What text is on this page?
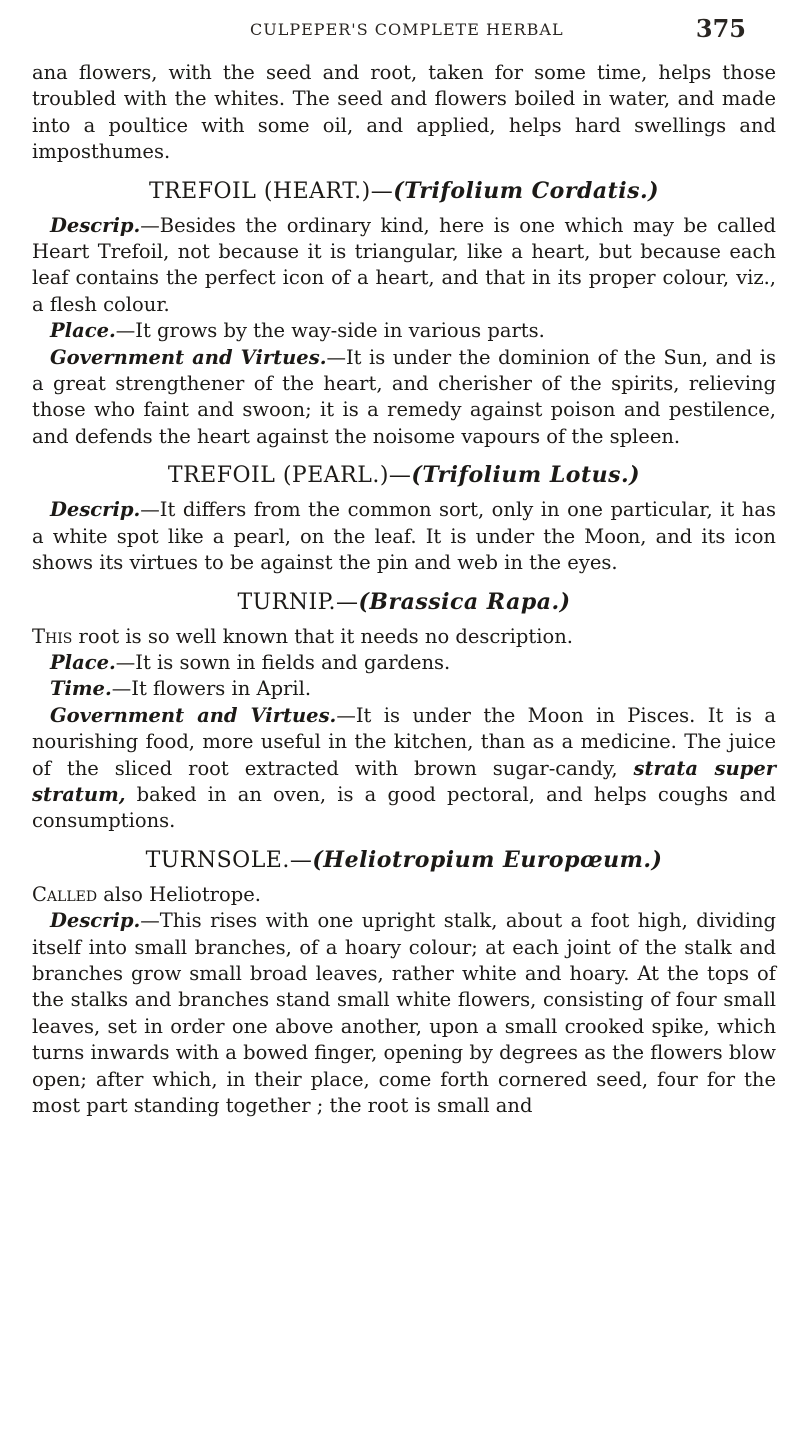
CULPEPER'S COMPLETE HERBAL	375

ana flowers, with the seed and root, taken for some time, helps those troubled with the whites. The seed and flowers boiled in water, and made into a poultice with some oil, and applied, helps hard swellings and imposthumes.

TREFOIL (HEART.)—(Trifolium Cordatis.)

Descrip.—Besides the ordinary kind, here is one which may be called Heart Trefoil, not because it is triangular, like a heart, but because each leaf contains the perfect icon of a heart, and that in its proper colour, viz., a flesh colour.

Place.—It grows by the way-side in various parts.

Government and Virtues.—It is under the dominion of the Sun, and is a great strengthener of the heart, and cherisher of the spirits, relieving those who faint and swoon; it is a remedy against poison and pestilence, and defends the heart against the noisome vapours of the spleen.

TREFOIL (PEARL.)—(Trifolium Lotus.)

Descrip.—It differs from the common sort, only in one particular, it has a white spot like a pearl, on the leaf. It is under the Moon, and its icon shows its virtues to be against the pin and web in the eyes.

TURNIP.—(Brassica Rapa.)

This root is so well known that it needs no description.

Place.—It is sown in fields and gardens.

Time.—It flowers in April.

Government and Virtues.—It is under the Moon in Pisces. It is a nourishing food, more useful in the kitchen, than as a medicine. The juice of the sliced root extracted with brown sugar-candy, strata super stratum, baked in an oven, is a good pectoral, and helps coughs and consumptions.

TURNSOLE.—(Heliotropium Europœum.)

Called also Heliotrope.

Descrip.—This rises with one upright stalk, about a foot high, dividing itself into small branches, of a hoary colour; at each joint of the stalk and branches grow small broad leaves, rather white and hoary. At the tops of the stalks and branches stand small white flowers, consisting of four small leaves, set in order one above another, upon a small crooked spike, which turns inwards with a bowed finger, opening by degrees as the flowers blow open; after which, in their place, come forth cornered seed, four for the most part standing together ; the root is small and
